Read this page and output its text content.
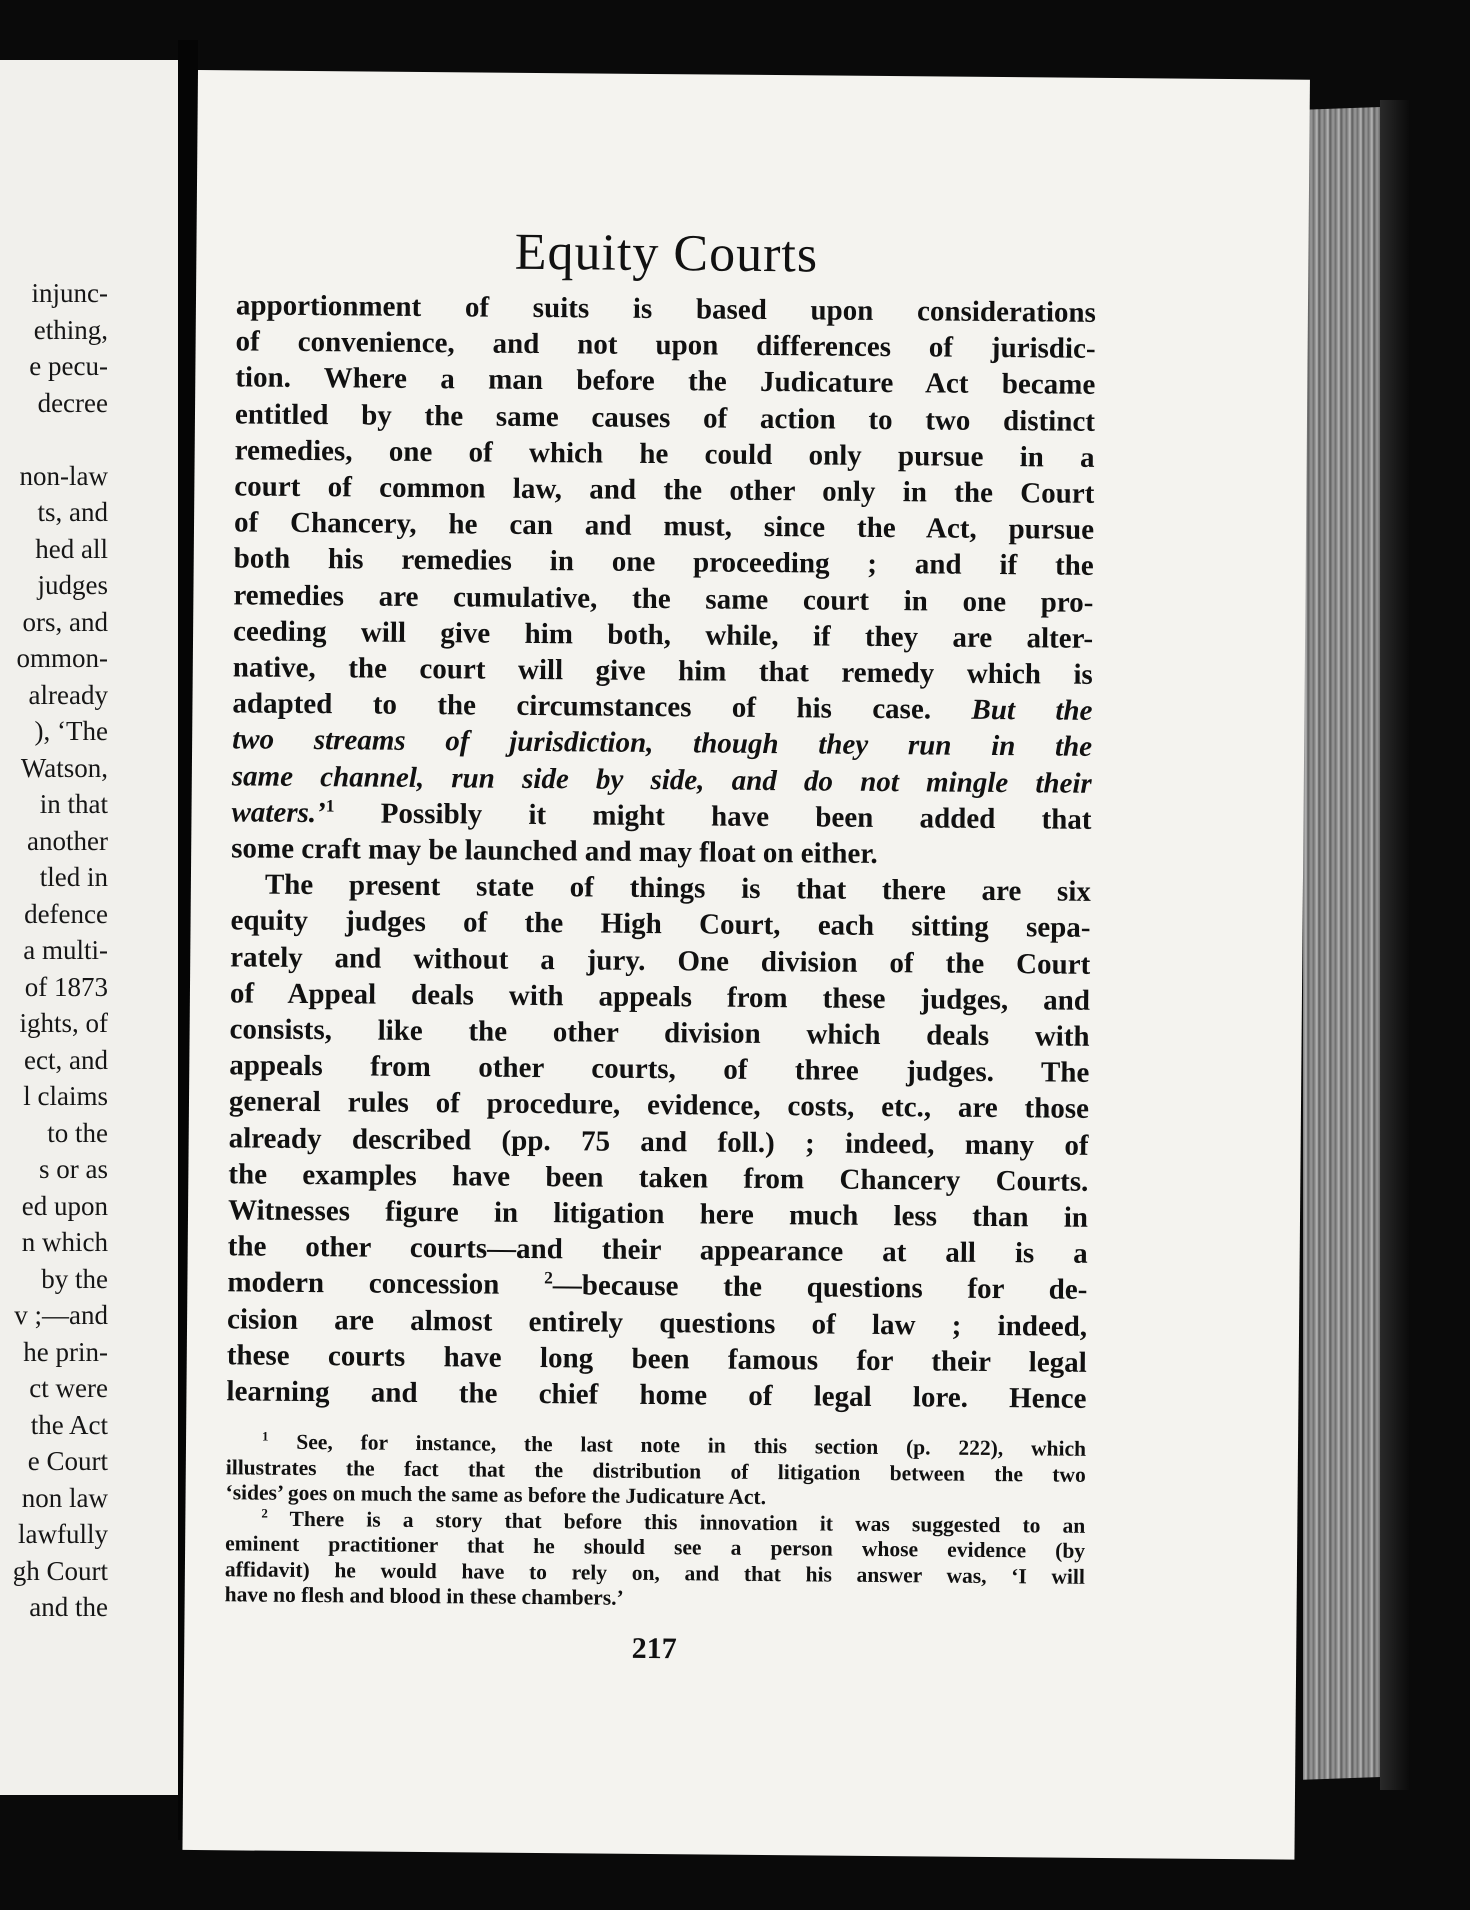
injunc-
ething,
e pecu-
decree

non-law
ts, and
hed all
judges
ors, and
ommon-
already
), ‘The
Watson,
in that
another
tled in
defence
a multi-
of 1873
ights, of
ect, and
l claims
to the
s or as
ed upon
n which
by the
v ;—and
he prin-
ct were
the Act
e Court
non law
lawfully
gh Court
and the
Equity Courts
apportionment of suits is based upon considerations
of convenience, and not upon differences of jurisdic-
tion. Where a man before the Judicature Act became
entitled by the same causes of action to two distinct
remedies, one of which he could only pursue in a
court of common law, and the other only in the Court
of Chancery, he can and must, since the Act, pursue
both his remedies in one proceeding ; and if the
remedies are cumulative, the same court in one pro-
ceeding will give him both, while, if they are alter-
native, the court will give him that remedy which is
adapted to the circumstances of his case. But the
two streams of jurisdiction, though they run in the
same channel, run side by side, and do not mingle their
waters.’$^1$ Possibly it might have been added that
some craft may be launched and may float on either.
The present state of things is that there are six
equity judges of the High Court, each sitting sepa-
rately and without a jury. One division of the Court
of Appeal deals with appeals from these judges, and
consists, like the other division which deals with
appeals from other courts, of three judges. The
general rules of procedure, evidence, costs, etc., are those
already described (pp. 75 and foll.) ; indeed, many of
the examples have been taken from Chancery Courts.
Witnesses figure in litigation here much less than in
the other courts—and their appearance at all is a
modern concession $^2$—because the questions for de-
cision are almost entirely questions of law ; indeed,
these courts have long been famous for their legal
learning and the chief home of legal lore. Hence
$^1$ See, for instance, the last note in this section (p. 222), which
illustrates the fact that the distribution of litigation between the two
‘sides’ goes on much the same as before the Judicature Act.
$^2$ There is a story that before this innovation it was suggested to an
eminent practitioner that he should see a person whose evidence (by
affidavit) he would have to rely on, and that his answer was, ‘I will
have no flesh and blood in these chambers.’
217
